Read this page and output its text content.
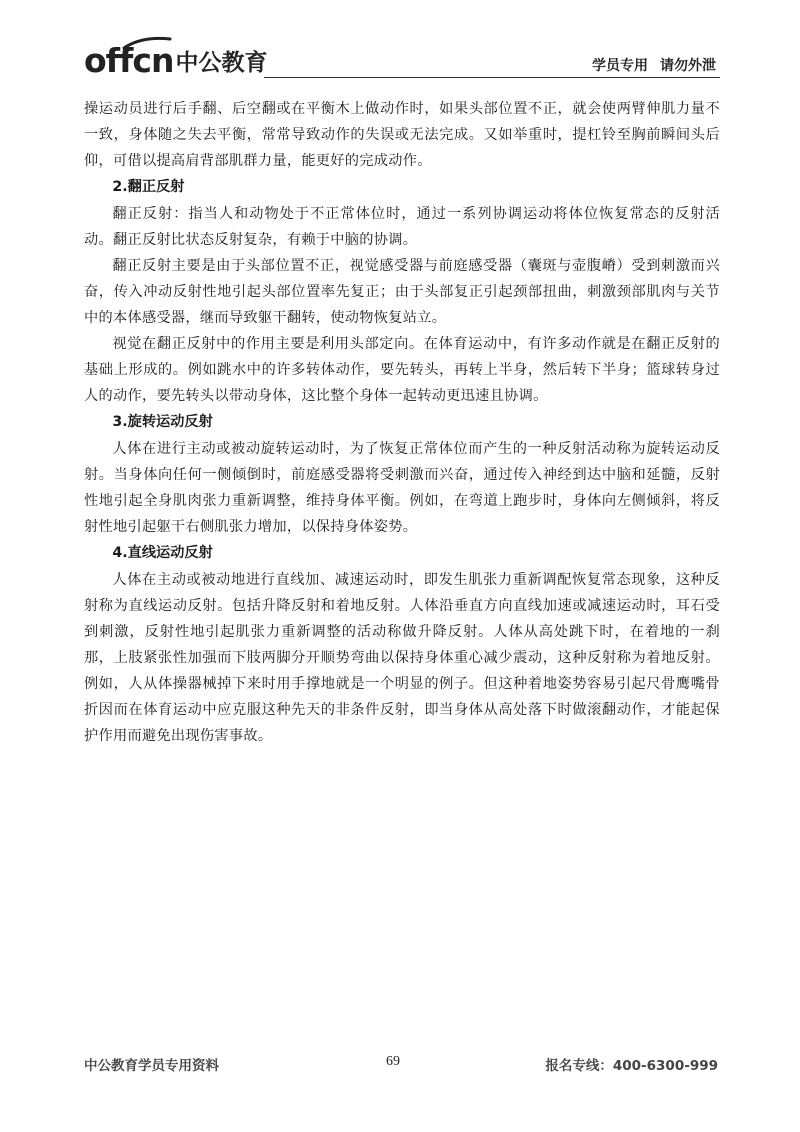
offcn 中公教育	学员专用 请勿外泄

操运动员进行后手翻、后空翻或在平衡木上做动作时，如果头部位置不正，就会使两臂伸肌力量不一致，身体随之失去平衡，常常导致动作的失误或无法完成。又如举重时，提杠铃至胸前瞬间头后仰，可借以提高肩背部肌群力量，能更好的完成动作。

2.翻正反射

翻正反射：指当人和动物处于不正常体位时，通过一系列协调运动将体位恢复常态的反射活动。翻正反射比状态反射复杂，有赖于中脑的协调。

翻正反射主要是由于头部位置不正，视觉感受器与前庭感受器（囊斑与壶腹嵴）受到刺激而兴奋，传入冲动反射性地引起头部位置率先复正；由于头部复正引起颈部扭曲，刺激颈部肌肉与关节中的本体感受器，继而导致躯干翻转，使动物恢复站立。

视觉在翻正反射中的作用主要是利用头部定向。在体育运动中，有许多动作就是在翻正反射的基础上形成的。例如跳水中的许多转体动作，要先转头，再转上半身，然后转下半身；篮球转身过人的动作，要先转头以带动身体，这比整个身体一起转动更迅速且协调。

3.旋转运动反射

人体在进行主动或被动旋转运动时，为了恢复正常体位而产生的一种反射活动称为旋转运动反射。当身体向任何一侧倾倒时，前庭感受器将受刺激而兴奋，通过传入神经到达中脑和延髓，反射性地引起全身肌肉张力重新调整，维持身体平衡。例如，在弯道上跑步时，身体向左侧倾斜，将反射性地引起躯干右侧肌张力增加，以保持身体姿势。

4.直线运动反射

人体在主动或被动地进行直线加、减速运动时，即发生肌张力重新调配恢复常态现象，这种反射称为直线运动反射。包括升降反射和着地反射。人体沿垂直方向直线加速或减速运动时，耳石受到刺激，反射性地引起肌张力重新调整的活动称做升降反射。人体从高处跳下时，在着地的一刹那，上肢紧张性加强而下肢两脚分开顺势弯曲以保持身体重心减少震动，这种反射称为着地反射。例如，人从体操器械掉下来时用手撑地就是一个明显的例子。但这种着地姿势容易引起尺骨鹰嘴骨折因而在体育运动中应克服这种先天的非条件反射，即当身体从高处落下时做滚翻动作，才能起保护作用而避免出现伤害事故。

中公教育学员专用资料	69	报名专线：400-6300-999
